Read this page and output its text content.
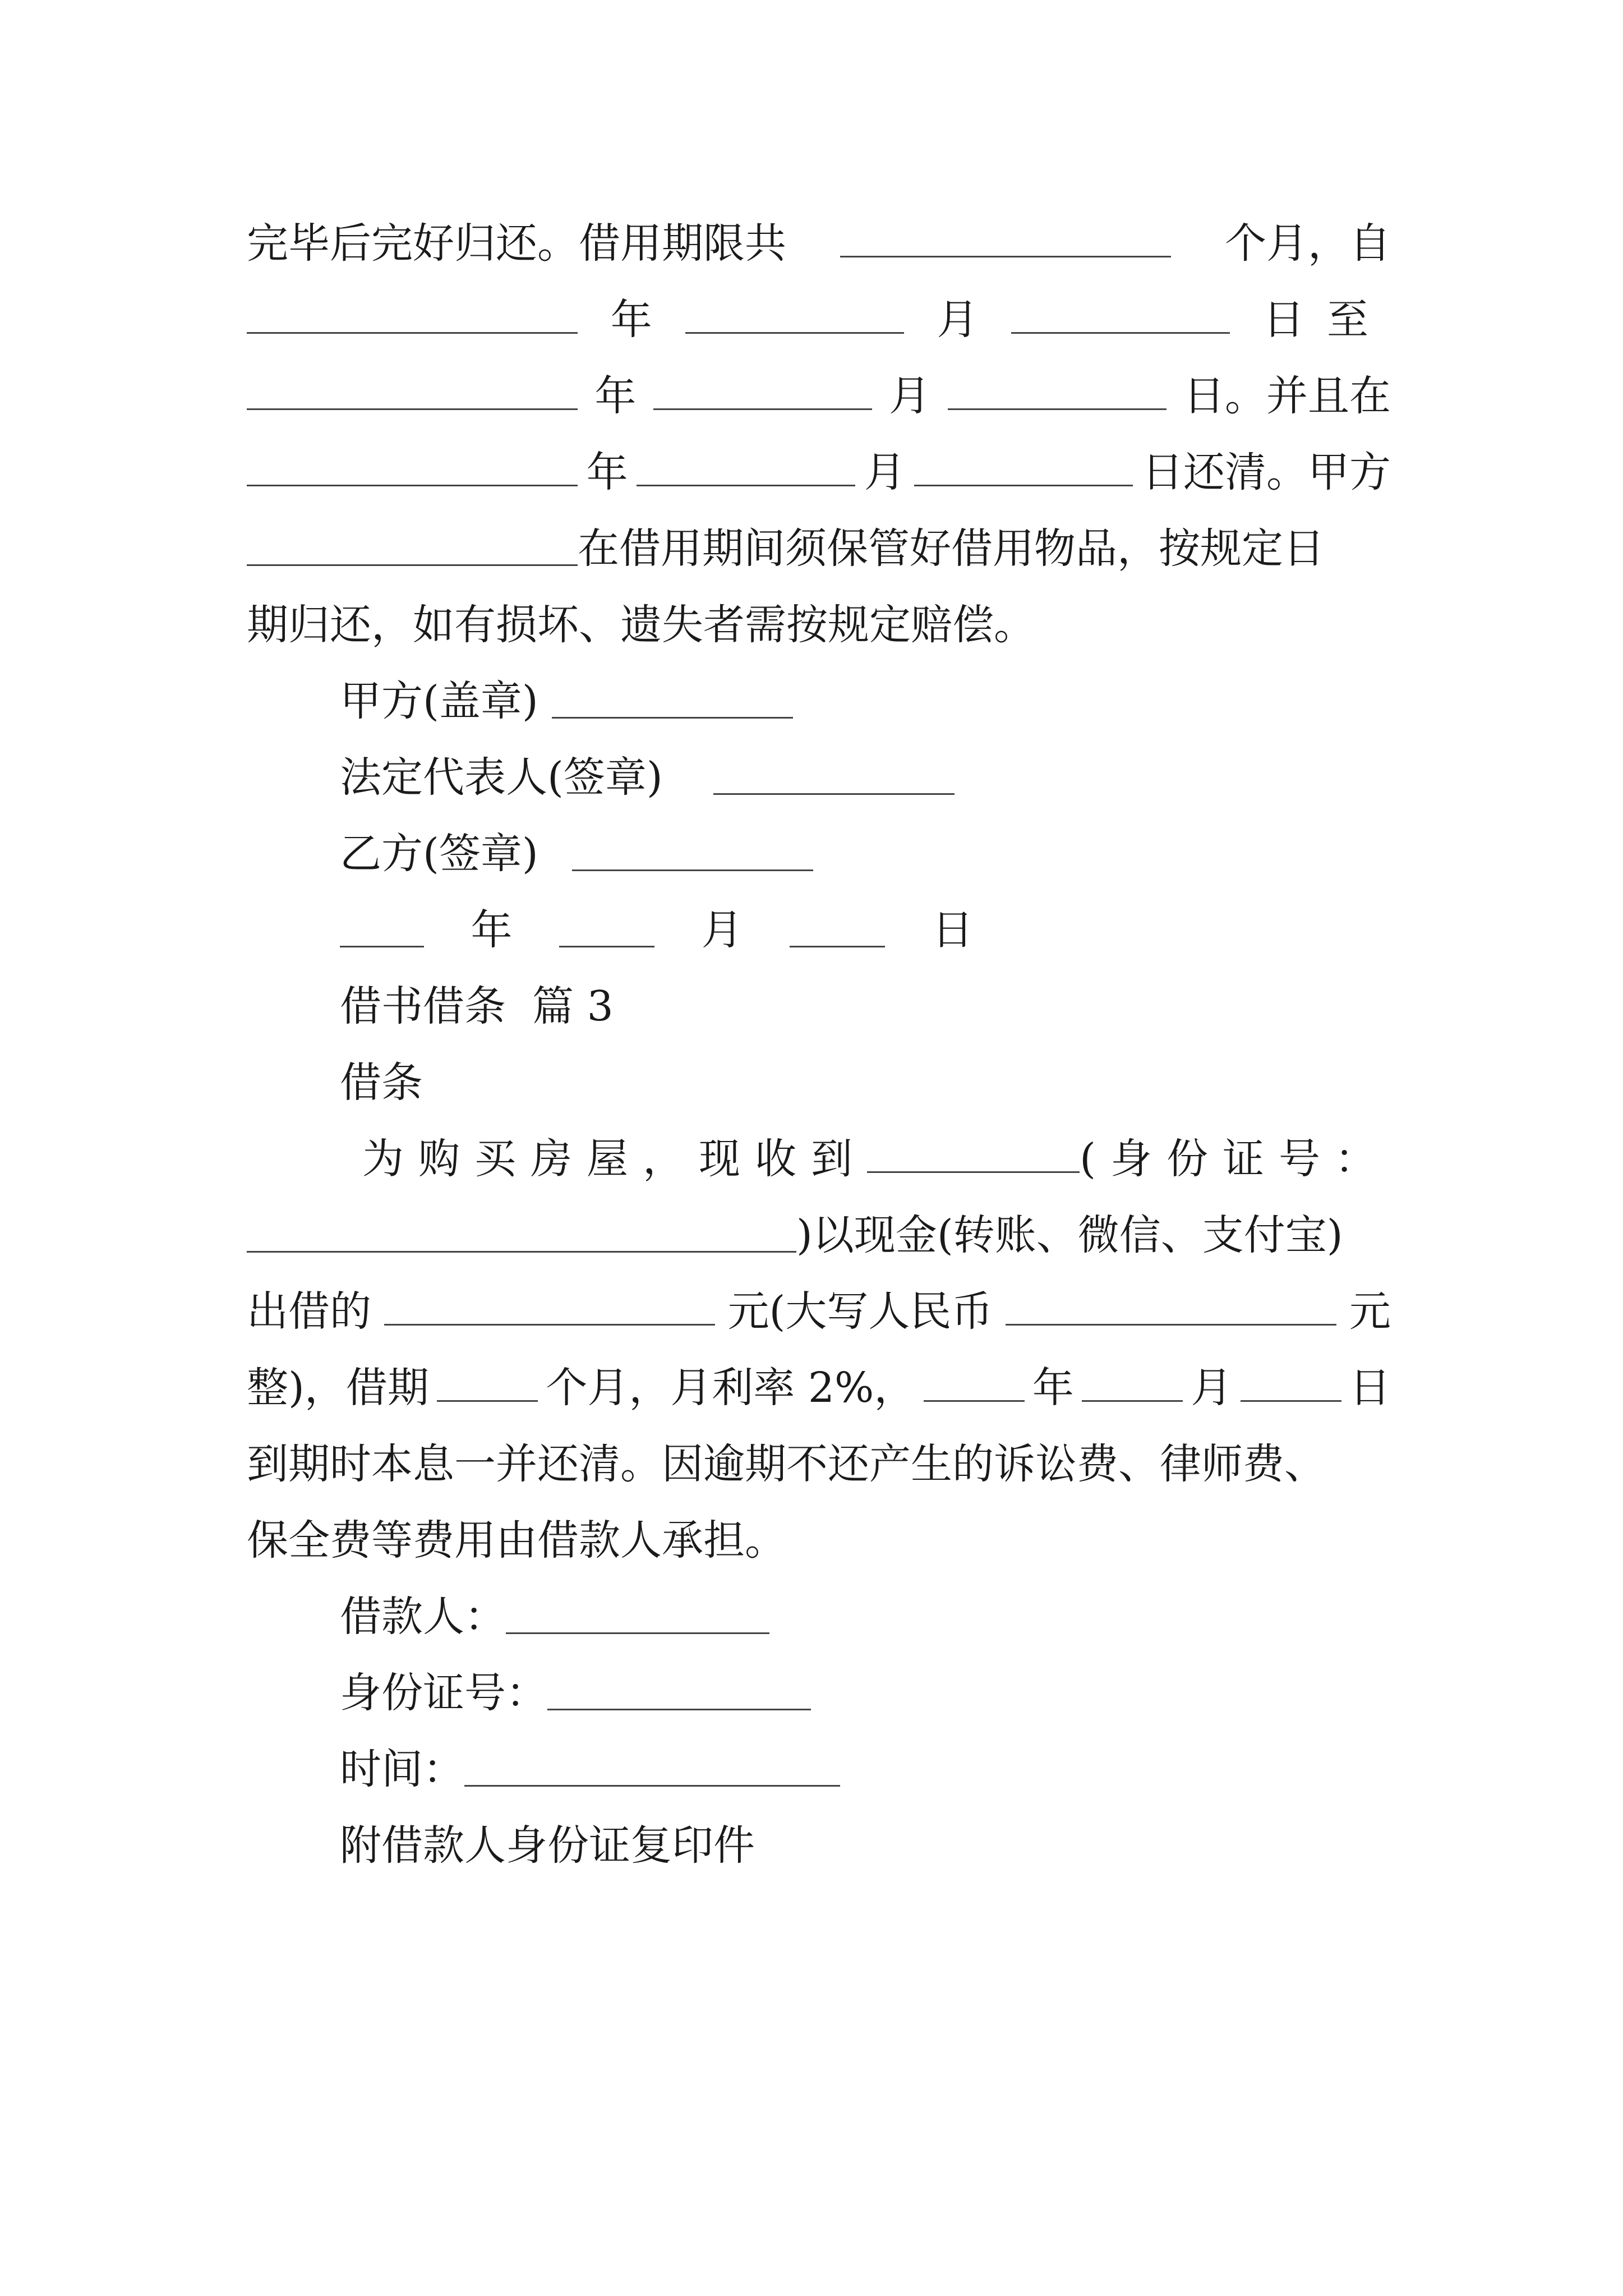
完毕后完好归还。借用期限共	个月，自
年	月	日至
年	月	日。并且在
年	月	日还清。甲方
在借用期间须保管好借用物品，按规定日
期归还，如有损坏、遗失者需按规定赔偿。
甲方(盖章)
法定代表人(签章)
乙方(签章)
年	月	日
借书借条  篇 3
借条
为购买房屋，现收到	(身份证号：
)以现金(转账、微信、支付宝)
出借的	元(大写人民币	元
整)，借期	个月，月利率 2%，	年	月	日
到期时本息一并还清。因逾期不还产生的诉讼费、律师费、
保全费等费用由借款人承担。
借款人：
身份证号：
时间：
附借款人身份证复印件
